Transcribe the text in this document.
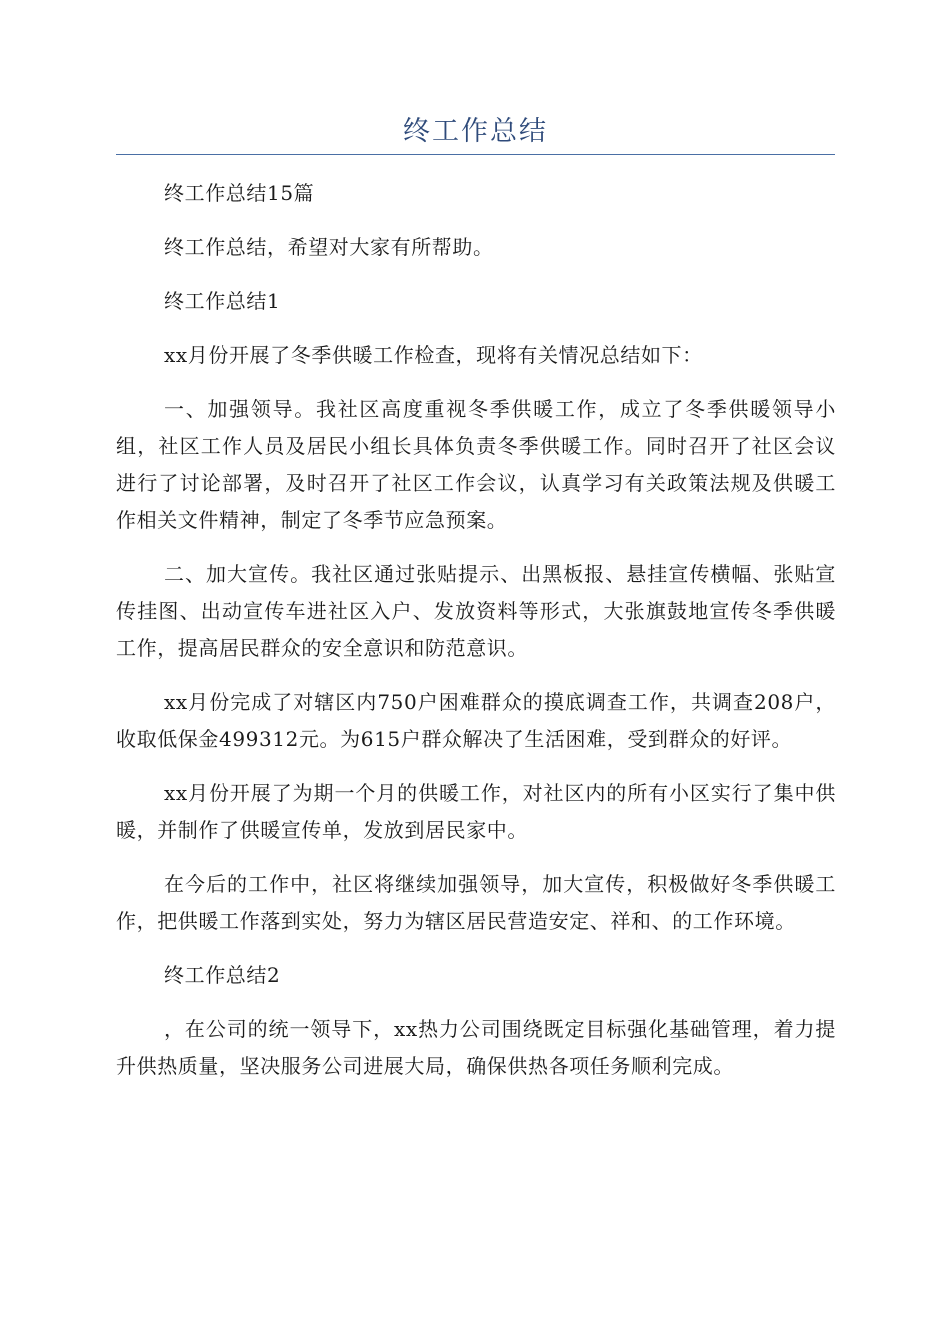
终工作总结

终工作总结15篇

终工作总结，希望对大家有所帮助。

终工作总结1

xx月份开展了冬季供暖工作检查，现将有关情况总结如下：

一、加强领导。我社区高度重视冬季供暖工作，成立了冬季供暖领导小组，社区工作人员及居民小组长具体负责冬季供暖工作。同时召开了社区会议进行了讨论部署，及时召开了社区工作会议，认真学习有关政策法规及供暖工作相关文件精神，制定了冬季节应急预案。

二、加大宣传。我社区通过张贴提示、出黑板报、悬挂宣传横幅、张贴宣传挂图、出动宣传车进社区入户、发放资料等形式，大张旗鼓地宣传冬季供暖工作，提高居民群众的安全意识和防范意识。

xx月份完成了对辖区内750户困难群众的摸底调查工作，共调查208户，收取低保金499312元。为615户群众解决了生活困难，受到群众的好评。

xx月份开展了为期一个月的供暖工作，对社区内的所有小区实行了集中供暖，并制作了供暖宣传单，发放到居民家中。

在今后的工作中，社区将继续加强领导，加大宣传，积极做好冬季供暖工作，把供暖工作落到实处，努力为辖区居民营造安定、祥和、的工作环境。

终工作总结2

，在公司的统一领导下，xx热力公司围绕既定目标强化基础管理，着力提升供热质量，坚决服务公司进展大局，确保供热各项任务顺利完成。
